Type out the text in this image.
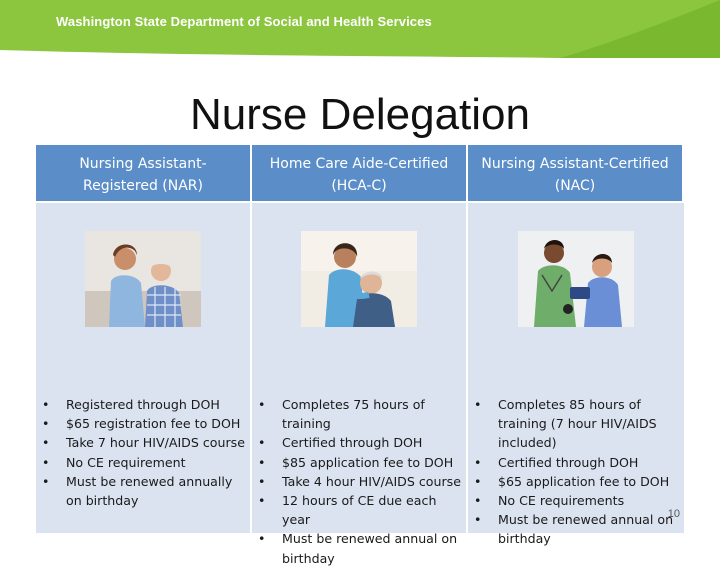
Washington State Department of Social and Health Services
Nurse Delegation
Nursing Assistant-
Registered (NAR)
Home Care Aide-Certified
(HCA-C)
Nursing Assistant-Certified
(NAC)
• Registered through DOH
• $65 registration fee to DOH
• Take 7 hour HIV/AIDS course
• No CE requirement
• Must be renewed annually on birthday
• Completes 75 hours of training
• Certified through DOH
• $85 application fee to DOH
• Take 4 hour HIV/AIDS course
• 12 hours of CE due each year
• Must be renewed annual on birthday
• Completes 85 hours of training (7 hour HIV/AIDS included)
• Certified through DOH
• $65 application fee to DOH
• No CE requirements
• Must be renewed annual on birthday
10
